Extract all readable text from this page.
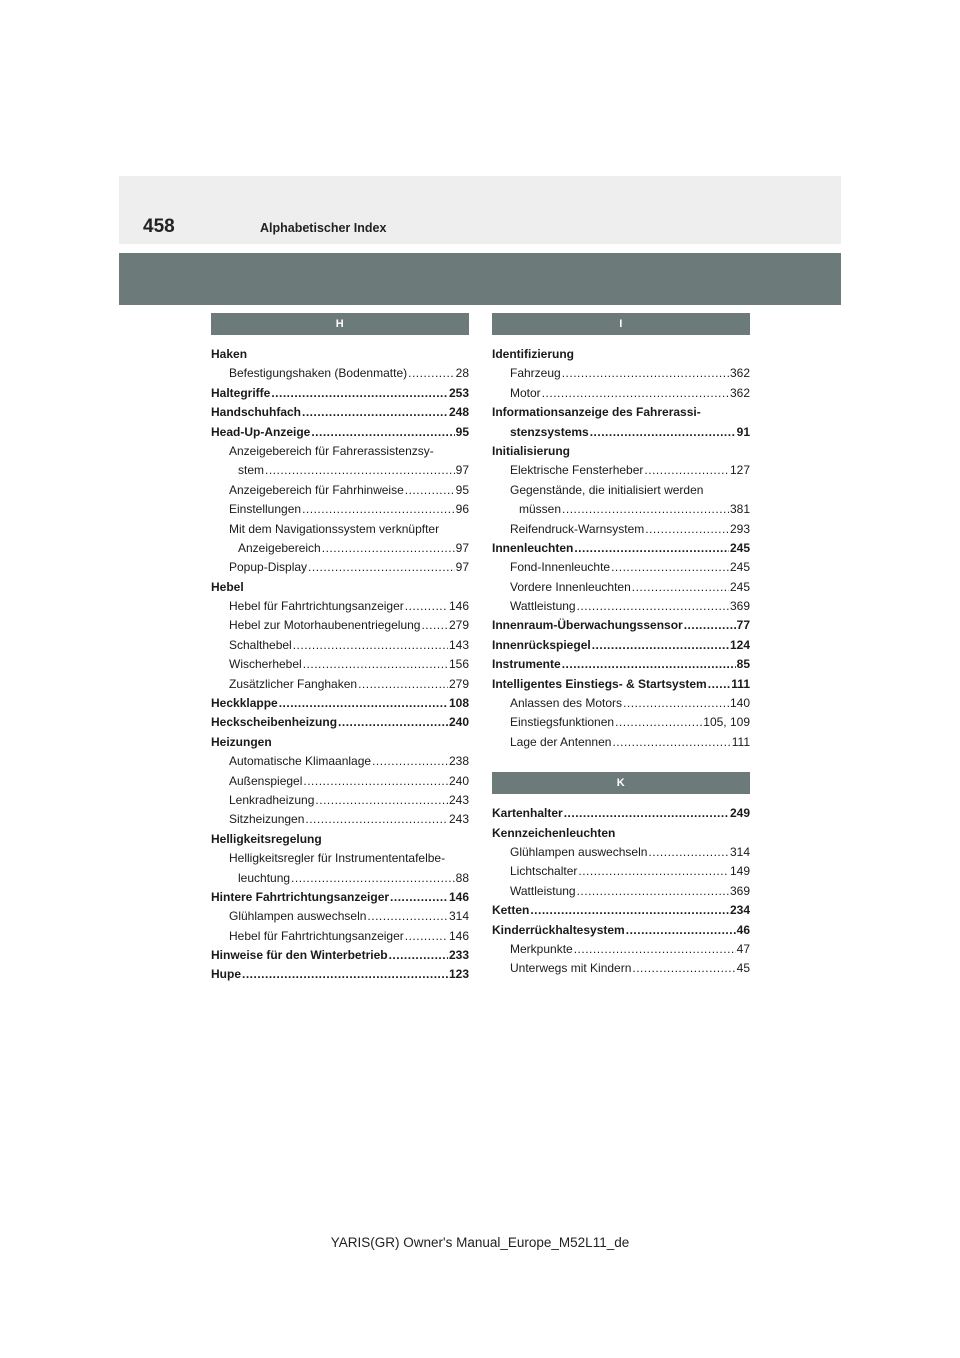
458	Alphabetischer Index
H
Haken
Befestigungshaken (Bodenmatte) .....	28
Haltegriffe .....	253
Handschuhfach .....	248
Head-Up-Anzeige .....	95
Anzeigebereich für Fahrerassistenzsy-
stem .....	97
Anzeigebereich für Fahrhinweise .....	95
Einstellungen .....	96
Mit dem Navigationssystem verknüpfter
Anzeigebereich .....	97
Popup-Display .....	97
Hebel
Hebel für Fahrtrichtungsanzeiger .....	146
Hebel zur Motorhaubenentriegelung ..... 279
Schalthebel .....	143
Wischerhebel .....	156
Zusätzlicher Fanghaken .....	279
Heckklappe .....	108
Heckscheibenheizung .....	240
Heizungen
Automatische Klimaanlage .....	238
Außenspiegel .....	240
Lenkradheizung .....	243
Sitzheizungen .....	243
Helligkeitsregelung
Helligkeitsregler für Instrumententafelbe-
leuchtung .....	88
Hintere Fahrtrichtungsanzeiger .....	146
Glühlampen auswechseln .....	314
Hebel für Fahrtrichtungsanzeiger .....	146
Hinweise für den Winterbetrieb .....	233
Hupe .....	123
I
Identifizierung
Fahrzeug .....	362
Motor .....	362
Informationsanzeige des Fahrerassi-
stenzsystems .....	91
Initialisierung
Elektrische Fensterheber .....	127
Gegenstände, die initialisiert werden
müssen .....	381
Reifendruck-Warnsystem .....	293
Innenleuchten .....	245
Fond-Innenleuchte .....	245
Vordere Innenleuchten .....	245
Wattleistung .....	369
Innenraum-Überwachungssensor .....	77
Innenrückspiegel .....	124
Instrumente .....	85
Intelligentes Einstiegs- & Startsystem ..... 111
Anlassen des Motors .....	140
Einstiegsfunktionen .....	105, 109
Lage der Antennen .....	111
K
Kartenhalter .....	249
Kennzeichenleuchten
Glühlampen auswechseln .....	314
Lichtschalter .....	149
Wattleistung .....	369
Ketten .....	234
Kinderrückhaltesystem .....	46
Merkpunkte .....	47
Unterwegs mit Kindern .....	45
YARIS(GR) Owner's Manual_Europe_M52L11_de
